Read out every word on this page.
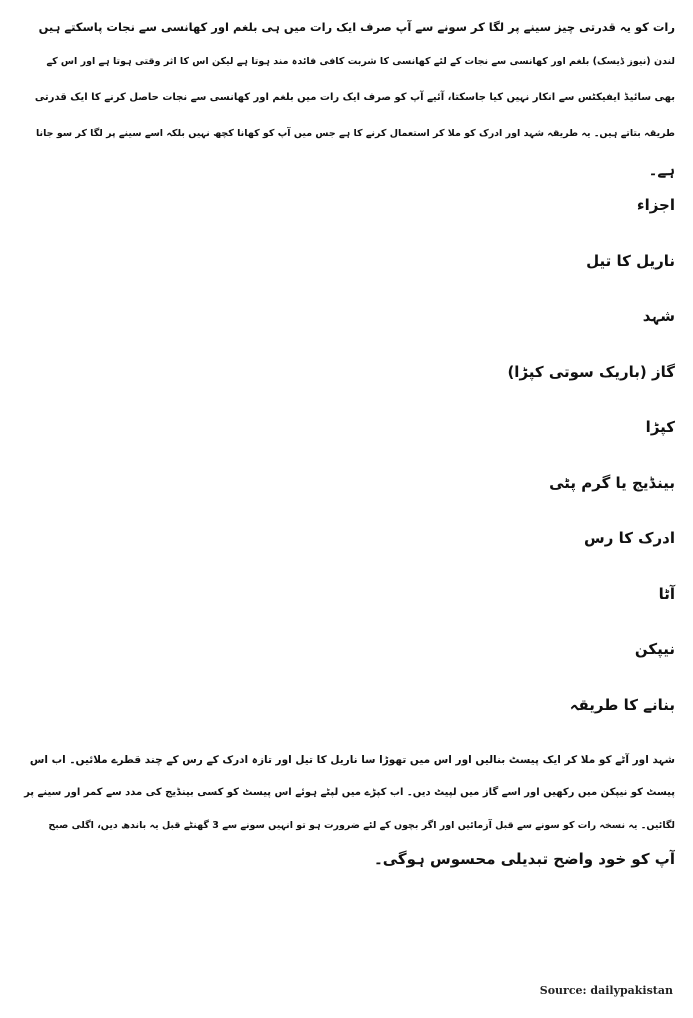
رات کو یہ قدرتی چیز سینے پر لگا کر سونے سے آپ صرف ایک رات میں ہی بلغم اور کھانسی سے نجات پاسکتے ہیں
لندن (نیوز ڈیسک) بلغم اور کھانسی سے نجات کے لئے کھانسی کا شربت کافی فائدہ مند ہوتا ہے لیکن اس کا اثر وقتی ہوتا ہے اور اس کے
بھی سائیڈ ایفیکٹس سے انکار نہیں کیا جاسکتا، آئیے آپ کو صرف ایک رات میں بلغم اور کھانسی سے نجات حاصل کرنے کا ایک قدرتی
طریقہ بتاتے ہیں۔ یہ طریقہ شہد اور ادرک کو ملا کر استعمال کرنے کا ہے جس میں آپ کو کھانا کچھ نہیں بلکہ اسے سینے پر لگا کر سو جانا
ہے۔
اجزاء
ناریل کا تیل
شہد
گاز (باریک سوتی کپڑا)
کپڑا
بینڈیج یا گرم پٹی
ادرک کا رس
آٹا
نیپکن
بنانے کا طریقہ
شہد اور آٹے کو ملا کر ایک پیسٹ بنالیں اور اس میں تھوڑا سا ناریل کا تیل اور تازہ ادرک کے رس کے چند قطرے ملائیں۔ اب اس
پیسٹ کو نیپکن میں رکھیں اور اسے گاز میں لپیٹ دیں۔ اب کپڑے میں لپٹے ہوئے اس پیسٹ کو کسی بینڈیج کی مدد سے کمر اور سینے پر
لگائیں۔ یہ نسخہ رات کو سونے سے قبل آزمائیں اور اگر بچوں کے لئے ضرورت ہو تو انہیں سونے سے 3 گھنٹے قبل یہ باندھ دیں، اگلی صبح
آپ کو خود واضح تبدیلی محسوس ہوگی۔
Source: dailypakistan
